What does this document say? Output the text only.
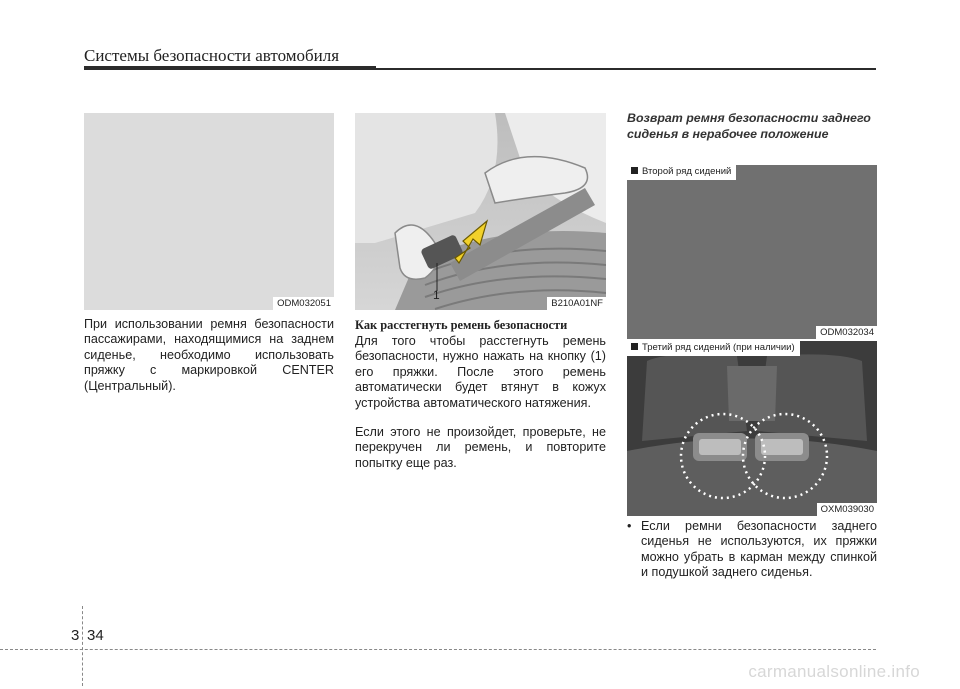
Системы безопасности автомобиля
ODM032051
1
B210A01NF
Второй ряд сидений
ODM032034
Третий ряд сидений (при наличии)
OXM039030

При использовании ремня безопасности пассажирами, находящимися на заднем сиденье, необходимо использовать пряжку с маркировкой CENTER (Центральный).

Как расстегнуть ремень безопасности

Для того чтобы расстегнуть ремень безопасности, нужно нажать на кнопку (1) его пряжки. После этого ремень автоматически будет втянут в кожух устройства автоматического натяжения.

Если этого не произойдет, проверьте, не перекручен ли ремень, и повторите попытку еще раз.

Возврат ремня безопасности заднего сиденья в нерабочее положение
• Если ремни безопасности заднего сиденья не используются, их пряжки можно убрать в карман между спинкой и подушкой заднего сиденья.

3 34
carmanualsonline.info
